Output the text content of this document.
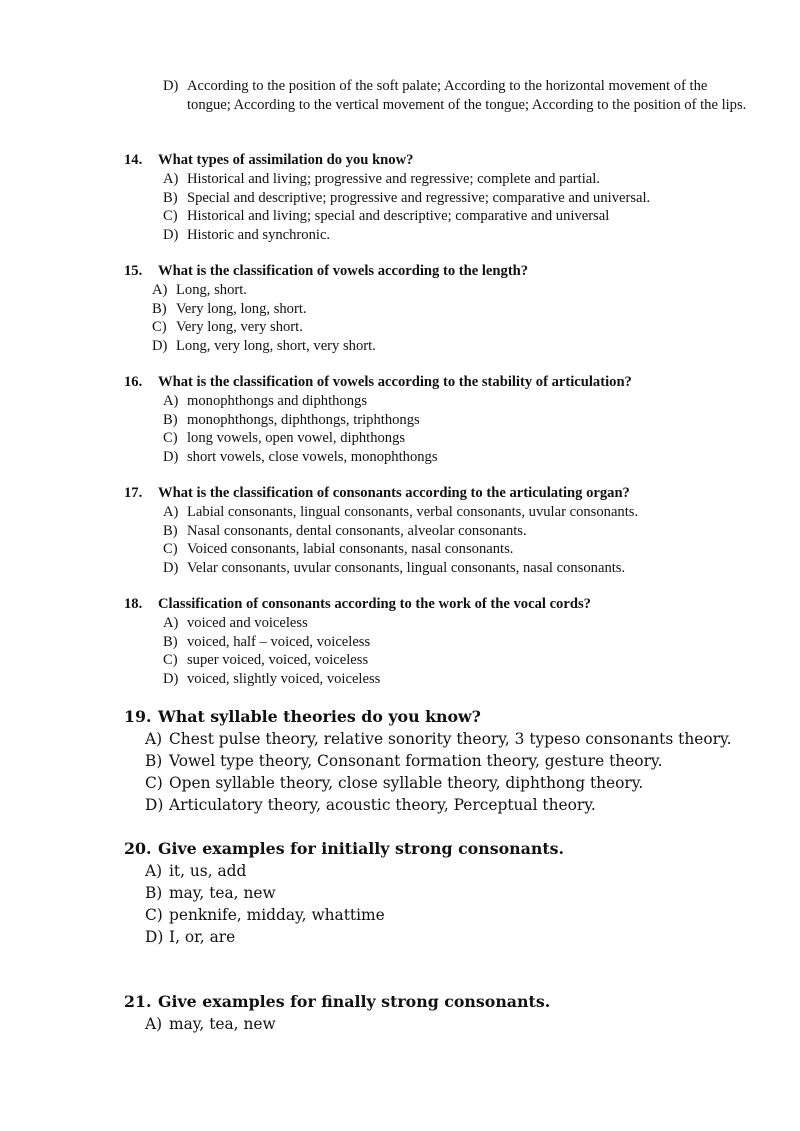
D) According to the position of the soft palate; According to the horizontal movement of the tongue; According to the vertical movement of the tongue; According to the position of the lips.
14. What types of assimilation do you know?
A) Historical and living; progressive and regressive; complete and partial.
B) Special and descriptive; progressive and regressive; comparative and universal.
C) Historical and living; special and descriptive; comparative and universal
D) Historic and synchronic.
15. What is the classification of vowels according to the length?
A) Long, short.
B) Very long, long, short.
C) Very long, very short.
D) Long, very long, short, very short.
16. What is the classification of vowels according to the stability of articulation?
A) monophthongs and diphthongs
B) monophthongs, diphthongs, triphthongs
C) long vowels, open vowel, diphthongs
D) short vowels, close vowels, monophthongs
17. What is the classification of consonants according to the articulating organ?
A) Labial consonants, lingual consonants, verbal consonants, uvular consonants.
B) Nasal consonants, dental consonants, alveolar consonants.
C) Voiced consonants, labial consonants, nasal consonants.
D) Velar consonants, uvular consonants, lingual consonants, nasal consonants.
18. Classification of consonants according to the work of the vocal cords?
A) voiced and voiceless
B) voiced, half – voiced, voiceless
C) super voiced, voiced, voiceless
D) voiced, slightly voiced, voiceless
19. What syllable theories do you know?
A) Chest pulse theory, relative sonority theory, 3 typeso consonants theory.
B) Vowel type theory, Consonant formation theory, gesture theory.
C) Open syllable theory, close syllable theory, diphthong theory.
D) Articulatory theory, acoustic theory, Perceptual theory.
20. Give examples for initially strong consonants.
A) it, us, add
B) may, tea, new
C) penknife, midday, whattime
D) I, or, are
21. Give examples for finally strong consonants.
A) may, tea, new
